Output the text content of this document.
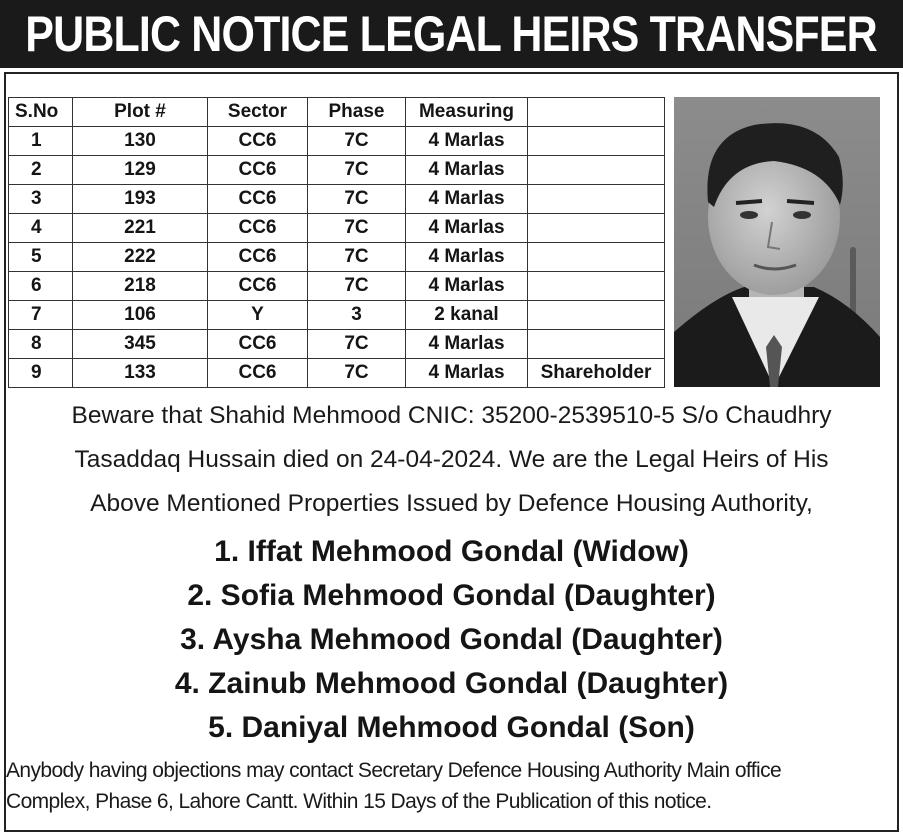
PUBLIC NOTICE LEGAL HEIRS TRANSFER
S.No	Plot #	Sector	Phase	Measuring	
1	130	CC6	7C	4 Marlas	
2	129	CC6	7C	4 Marlas	
3	193	CC6	7C	4 Marlas	
4	221	CC6	7C	4 Marlas	
5	222	CC6	7C	4 Marlas	
6	218	CC6	7C	4 Marlas	
7	106	Y	3	2 kanal	
8	345	CC6	7C	4 Marlas	
9	133	CC6	7C	4 Marlas	Shareholder

Beware that Shahid Mehmood CNIC: 35200-2539510-5 S/o Chaudhry

Tasaddaq Hussain died on 24-04-2024. We are the Legal Heirs of His

Above Mentioned Properties Issued by Defence Housing Authority,

1. Iffat Mehmood Gondal (Widow)

2. Sofia Mehmood Gondal (Daughter)

3. Aysha Mehmood Gondal (Daughter)

4. Zainub Mehmood Gondal (Daughter)

5. Daniyal Mehmood Gondal (Son)

Anybody having objections may contact Secretary Defence Housing Authority Main office

Complex, Phase 6, Lahore Cantt. Within 15 Days of the Publication of this notice.
